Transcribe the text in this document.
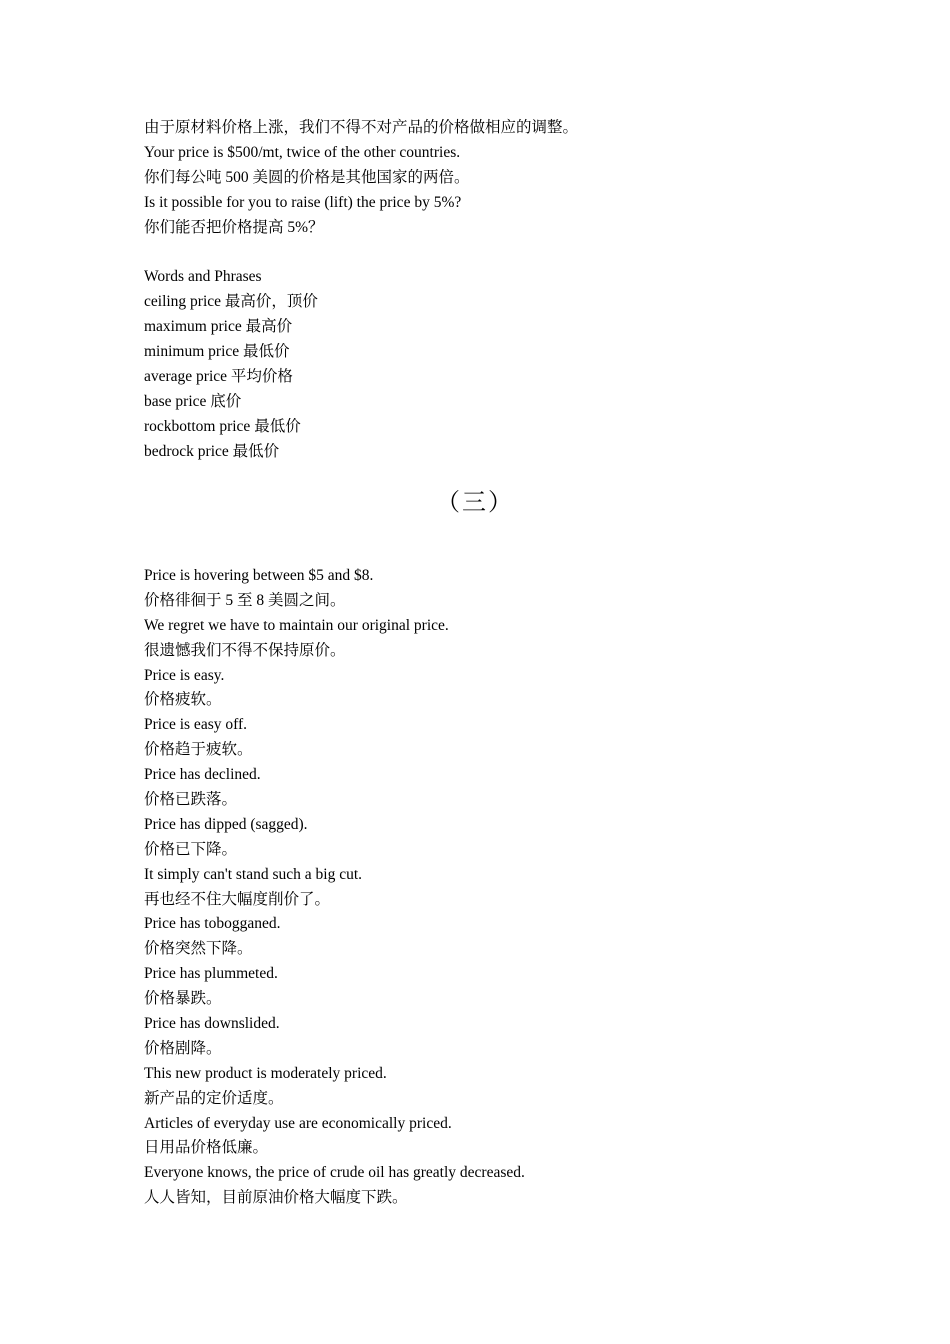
由于原材料价格上涨，我们不得不对产品的价格做相应的调整。
Your price is $500/mt, twice of the other countries.
你们每公吨 500 美圆的价格是其他国家的两倍。
Is it possible for you to raise (lift) the price by 5%?
你们能否把价格提高 5%？
Words and Phrases
ceiling price 最高价，顶价
maximum price 最高价
minimum price 最低价
average price 平均价格
base price 底价
rockbottom price 最低价
bedrock price 最低价
（三）
Price is hovering between $5 and $8.
价格徘徊于 5 至 8 美圆之间。
We regret we have to maintain our original price.
很遗憾我们不得不保持原价。
Price is easy.
价格疲软。
Price is easy off.
价格趋于疲软。
Price has declined.
价格已跌落。
Price has dipped (sagged).
价格已下降。
It simply can't stand such a big cut.
再也经不住大幅度削价了。
Price has tobogganed.
价格突然下降。
Price has plummeted.
价格暴跌。
Price has downslided.
价格剧降。
This new product is moderately priced.
新产品的定价适度。
Articles of everyday use are economically priced.
日用品价格低廉。
Everyone knows, the price of crude oil has greatly decreased.
人人皆知，目前原油价格大幅度下跌。
